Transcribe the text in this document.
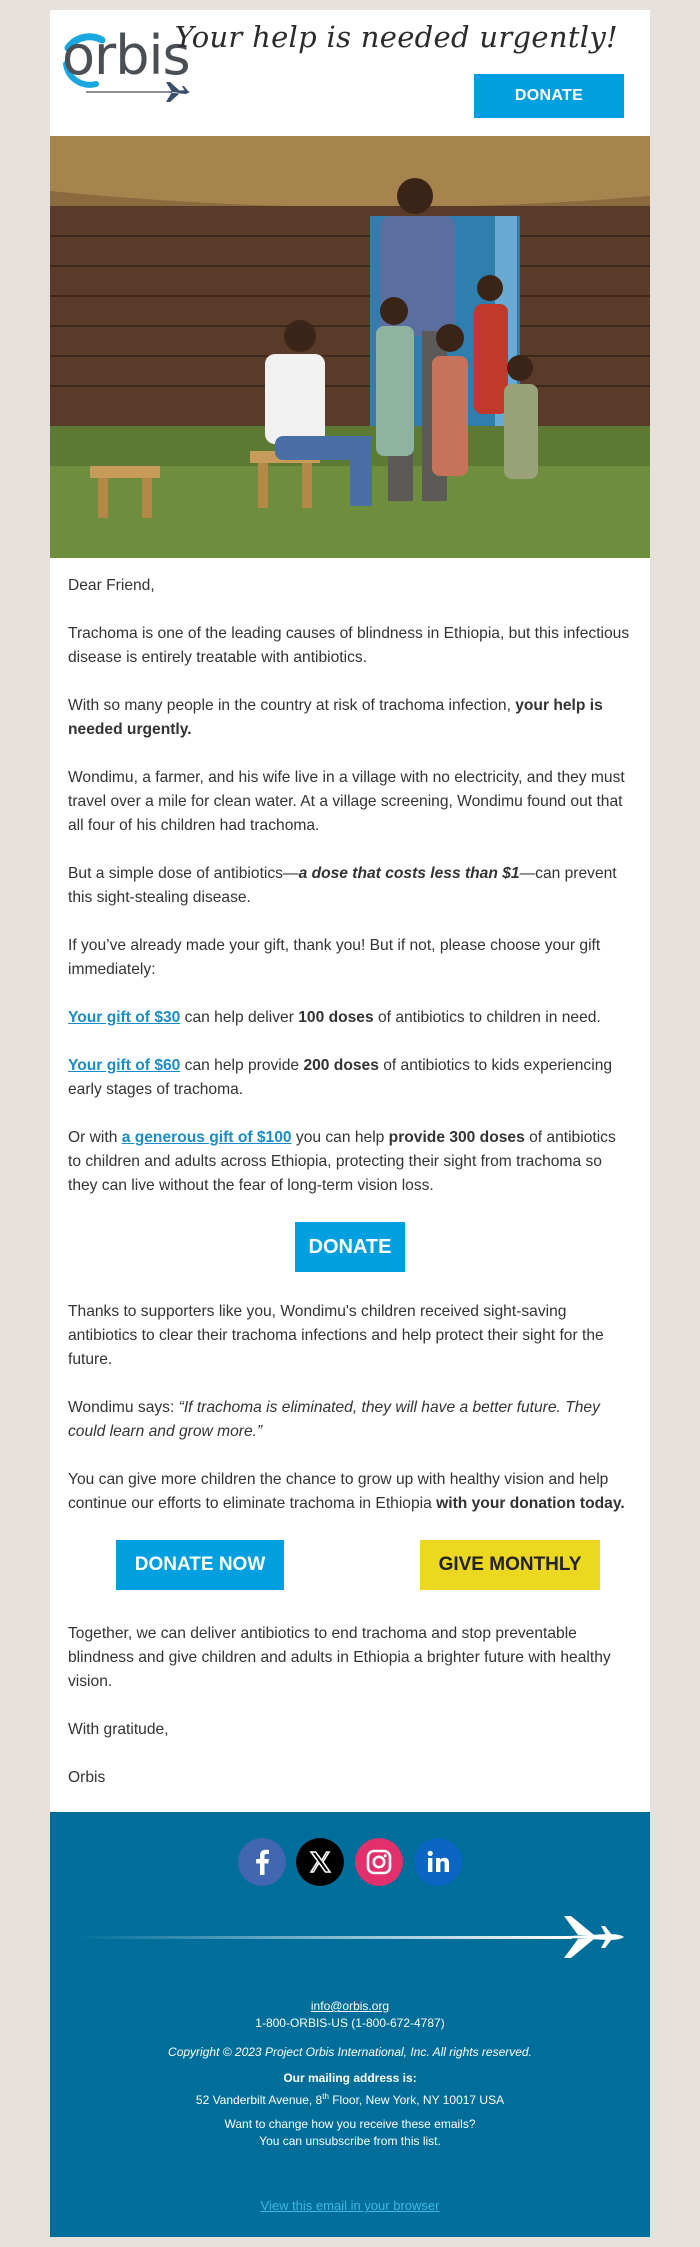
orbis
Your help is needed urgently!
DONATE

Dear Friend,

Trachoma is one of the leading causes of blindness in Ethiopia, but this infectious disease is entirely treatable with antibiotics.

With so many people in the country at risk of trachoma infection, your help is needed urgently.

Wondimu, a farmer, and his wife live in a village with no electricity, and they must travel over a mile for clean water. At a village screening, Wondimu found out that all four of his children had trachoma.

But a simple dose of antibiotics—a dose that costs less than $1—can prevent this sight-stealing disease.

If you’ve already made your gift, thank you! But if not, please choose your gift immediately:

Your gift of $30 can help deliver 100 doses of antibiotics to children in need.

Your gift of $60 can help provide 200 doses of antibiotics to kids experiencing early stages of trachoma.

Or with a generous gift of $100 you can help provide 300 doses of antibiotics to children and adults across Ethiopia, protecting their sight from trachoma so they can live without the fear of long-term vision loss.

DONATE

Thanks to supporters like you, Wondimu's children received sight-saving antibiotics to clear their trachoma infections and help protect their sight for the future.

Wondimu says: “If trachoma is eliminated, they will have a better future. They could learn and grow more.”

You can give more children the chance to grow up with healthy vision and help continue our efforts to eliminate trachoma in Ethiopia with your donation today.

DONATE NOW	GIVE MONTHLY

Together, we can deliver antibiotics to end trachoma and stop preventable blindness and give children and adults in Ethiopia a brighter future with healthy vision.

With gratitude,

Orbis

info@orbis.org
1-800-ORBIS-US (1-800-672-4787)
Copyright © 2023 Project Orbis International, Inc. All rights reserved.
Our mailing address is:
52 Vanderbilt Avenue, 8th Floor, New York, NY 10017 USA
Want to change how you receive these emails?
You can unsubscribe from this list.
View this email in your browser
